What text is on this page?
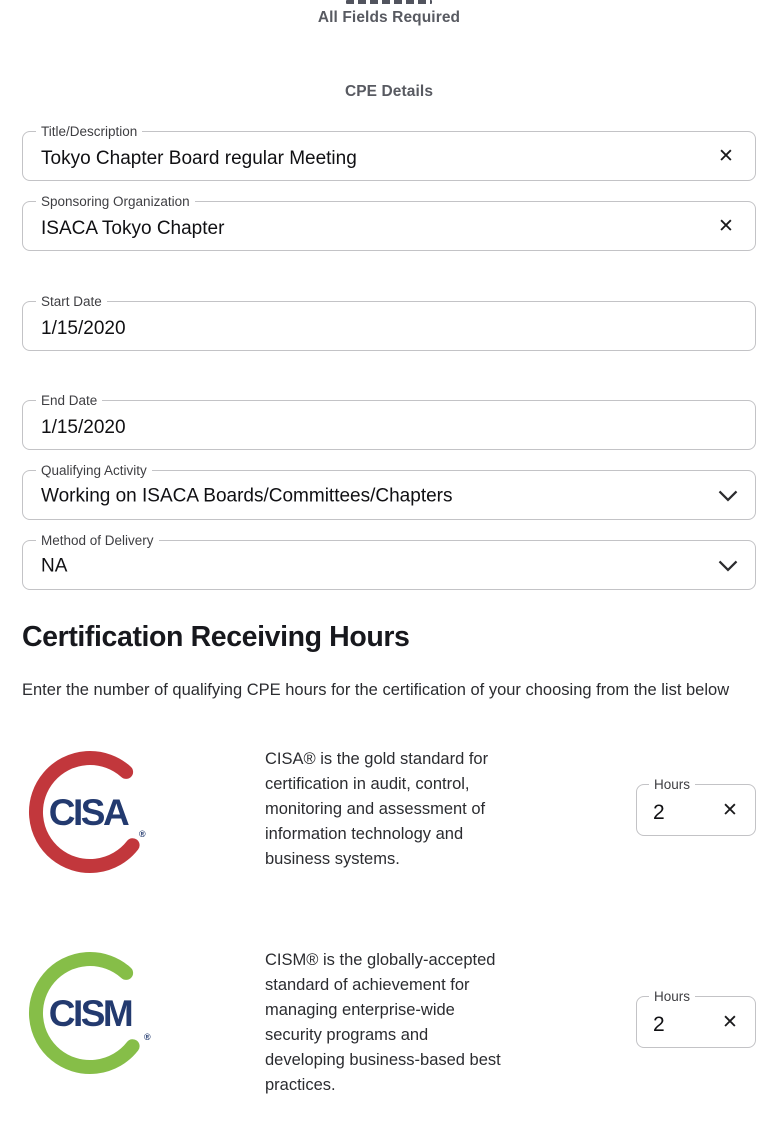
All Fields Required
CPE Details
Title/Description
Tokyo Chapter Board regular Meeting
✕
Sponsoring Organization
ISACA Tokyo Chapter
✕
Start Date
1/15/2020
End Date
1/15/2020
Qualifying Activity
Working on ISACA Boards/Committees/Chapters
Method of Delivery
NA
Certification Receiving Hours

Enter the number of qualifying CPE hours for the certification of your choosing from the list below

CISA
®
CISA® is the gold standard for certification in audit, control, monitoring and assessment of information technology and business systems.
Hours
2
✕
CISM
®
CISM® is the globally-accepted standard of achievement for managing enterprise-wide security programs and developing business-based best practices.
Hours
2
✕
